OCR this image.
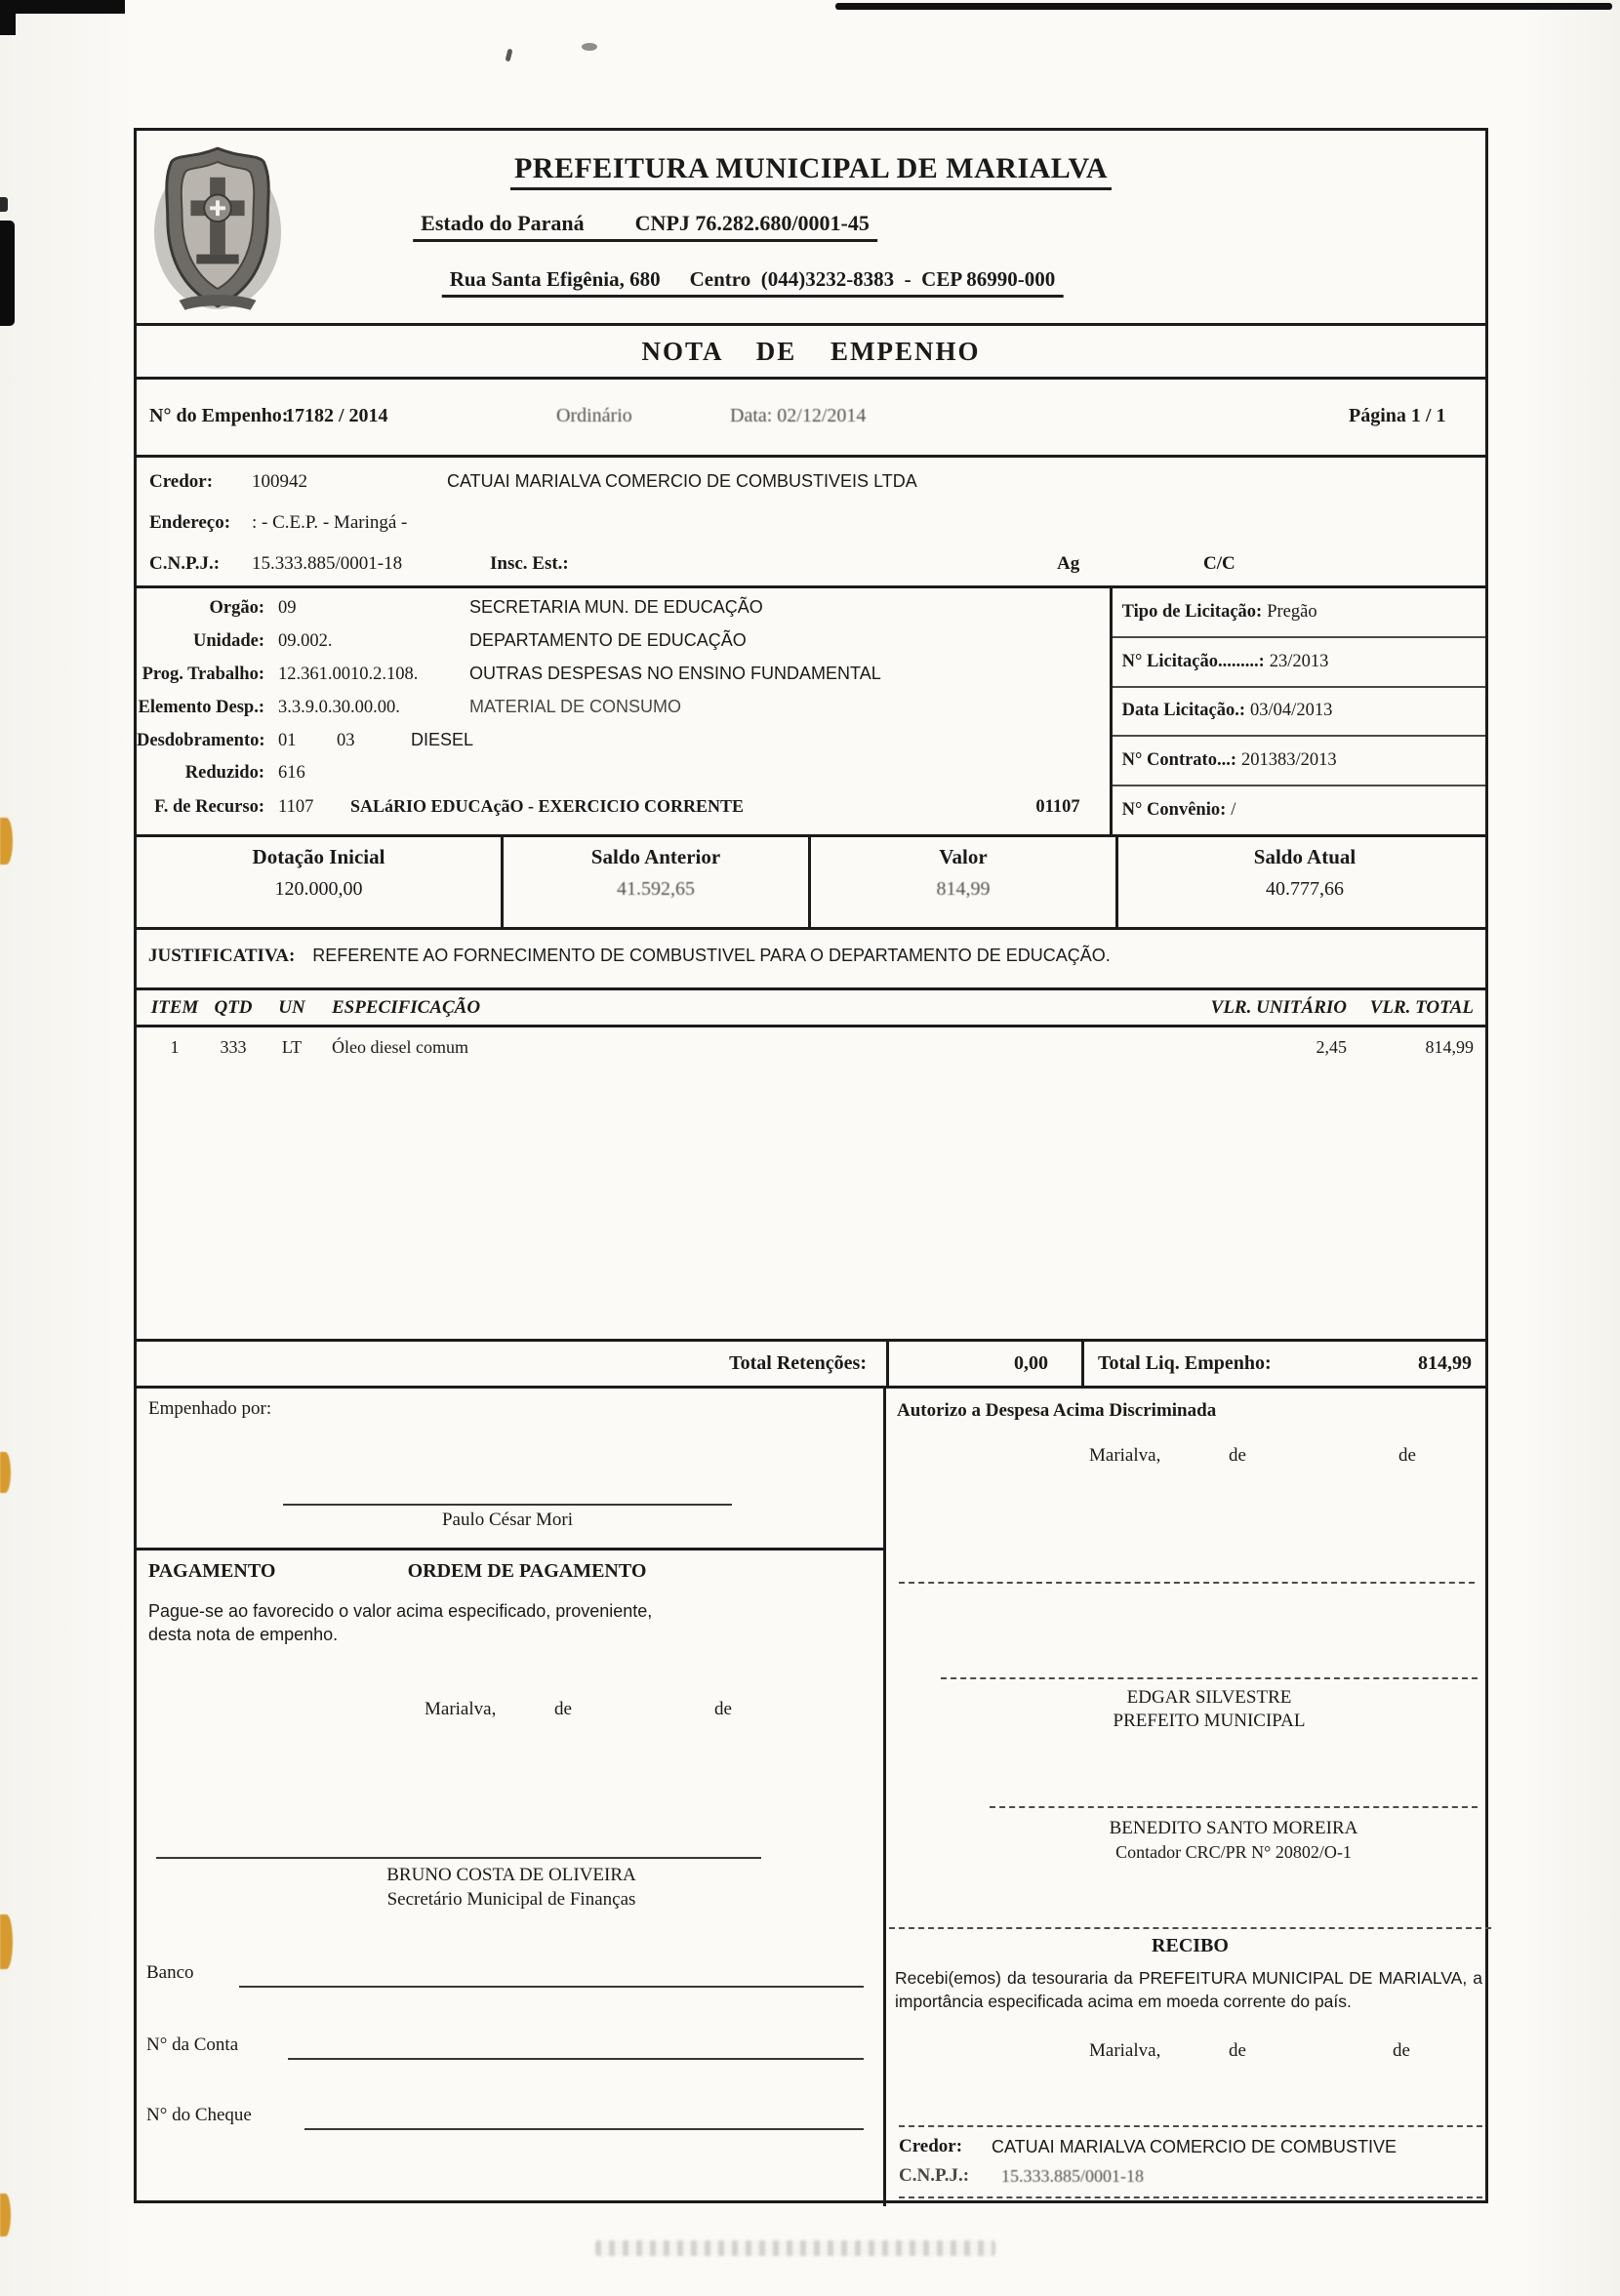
PREFEITURA MUNICIPAL DE MARIALVA
Estado do Paraná CNPJ 76.282.680/0001-45
Rua Santa Efigênia, 680 Centro  (044)3232-8383  -  CEP 86990-000
NOTA DE EMPENHO
N° do Empenho:
17182 / 2014	Ordinário	Data: 02/12/2014	Página 1 / 1
Credor: 100942	CATUAI MARIALVA COMERCIO DE COMBUSTIVEIS LTDA
Endereço: : - C.E.P. - Maringá -
C.N.P.J.: 15.333.885/0001-18	Insc. Est.:	Ag	C/C
Orgão: 09	SECRETARIA MUN. DE EDUCAÇÃO
Unidade: 09.002.	DEPARTAMENTO DE EDUCAÇÃO
Prog. Trabalho: 12.361.0010.2.108.	OUTRAS DESPESAS NO ENSINO FUNDAMENTAL
Elemento Desp.: 3.3.9.0.30.00.00.	MATERIAL DE CONSUMO
Desdobramento: 01	03	DIESEL
Reduzido: 616
F. de Recurso: 1107	SALáRIO EDUCAçãO - EXERCICIO CORRENTE	01107
Tipo de Licitação: Pregão
N° Licitação.........: 23/2013
Data Licitação.: 03/04/2013
N° Contrato...: 201383/2013
N° Convênio: /
Dotação Inicial
120.000,00
Saldo Anterior
41.592,65
Valor
814,99
Saldo Atual
40.777,66
JUSTIFICATIVA: REFERENTE AO FORNECIMENTO DE COMBUSTIVEL PARA O DEPARTAMENTO DE EDUCAÇÃO.
ITEM QTD	UN	ESPECIFICAÇÃO	VLR. UNITÁRIO	VLR. TOTAL
1	333	LT	Óleo diesel comum	2,45	814,99
Total Retenções:	0,00	Total Liq. Empenho:	814,99
Empenhado por:
Paulo César Mori
PAGAMENTO	ORDEM DE PAGAMENTO
Pague-se ao favorecido o valor acima especificado, proveniente, desta nota de empenho.
Marialva,	de	de
BRUNO COSTA DE OLIVEIRA
Secretário Municipal de Finanças
Banco
N° da Conta
N° do Cheque
Autorizo a Despesa Acima Discriminada
Marialva,	de	de
EDGAR SILVESTRE
PREFEITO MUNICIPAL
BENEDITO SANTO MOREIRA
Contador CRC/PR N° 20802/O-1
RECIBO
Recebi(emos) da tesouraria da PREFEITURA MUNICIPAL DE MARIALVA, a importância especificada acima em moeda corrente do país.
Marialva,	de	de
Credor: CATUAI MARIALVA COMERCIO DE COMBUSTIVE
C.N.P.J.: 15.333.885/0001-18
